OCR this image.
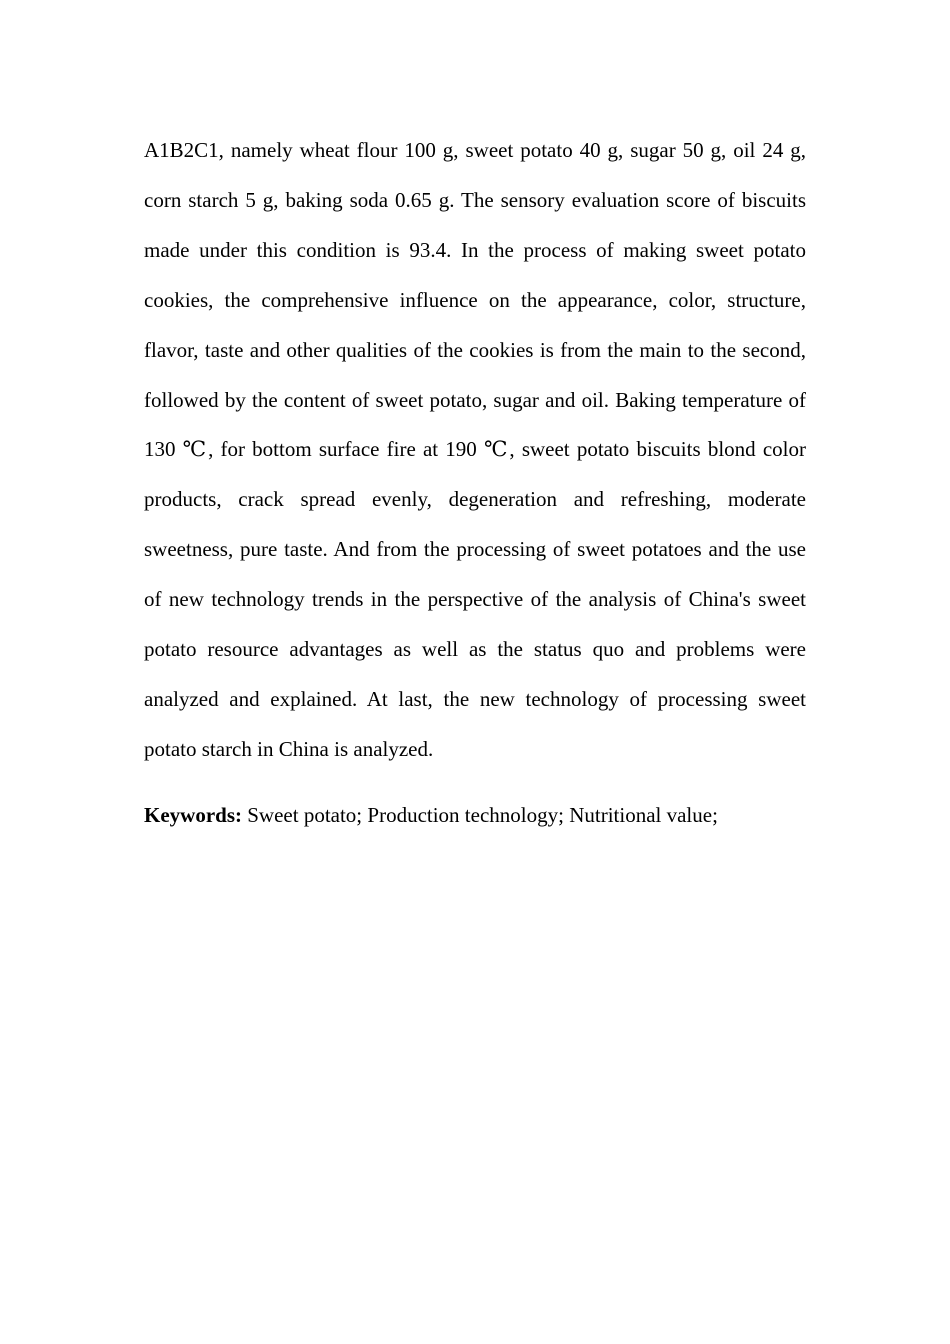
A1B2C1, namely wheat flour 100 g, sweet potato 40 g, sugar 50 g, oil 24 g, corn starch 5 g, baking soda 0.65 g. The sensory evaluation score of biscuits made under this condition is 93.4. In the process of making sweet potato cookies, the comprehensive influence on the appearance, color, structure, flavor, taste and other qualities of the cookies is from the main to the second, followed by the content of sweet potato, sugar and oil. Baking temperature of 130 ℃, for bottom surface fire at 190 ℃, sweet potato biscuits blond color products, crack spread evenly, degeneration and refreshing, moderate sweetness, pure taste. And from the processing of sweet potatoes and the use of new technology trends in the perspective of the analysis of China's sweet potato resource advantages as well as the status quo and problems were analyzed and explained. At last, the new technology of processing sweet potato starch in China is analyzed.

Keywords: Sweet potato; Production technology; Nutritional value;
